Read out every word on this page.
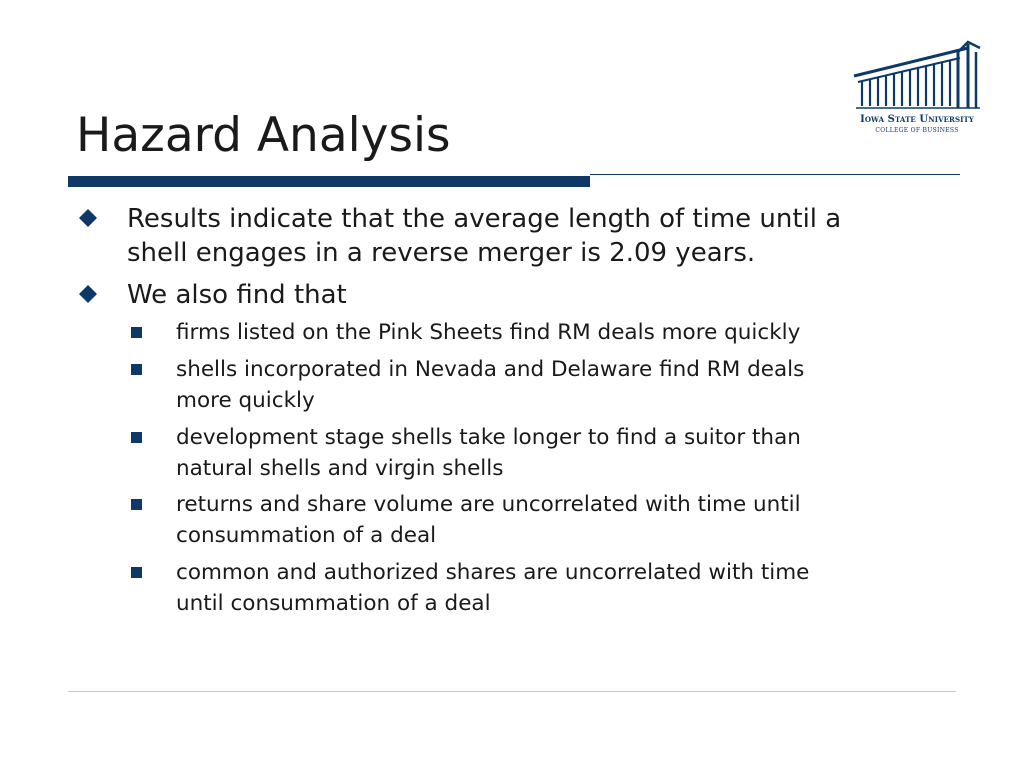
Hazard Analysis	Iowa State University
COLLEGE OF BUSINESS
Results indicate that the average length of time until a
shell engages in a reverse merger is 2.09 years.
We also find that
firms listed on the Pink Sheets find RM deals more quickly
shells incorporated in Nevada and Delaware find RM deals
more quickly
development stage shells take longer to find a suitor than
natural shells and virgin shells
returns and share volume are uncorrelated with time until
consummation of a deal
common and authorized shares are uncorrelated with time
until consummation of a deal
